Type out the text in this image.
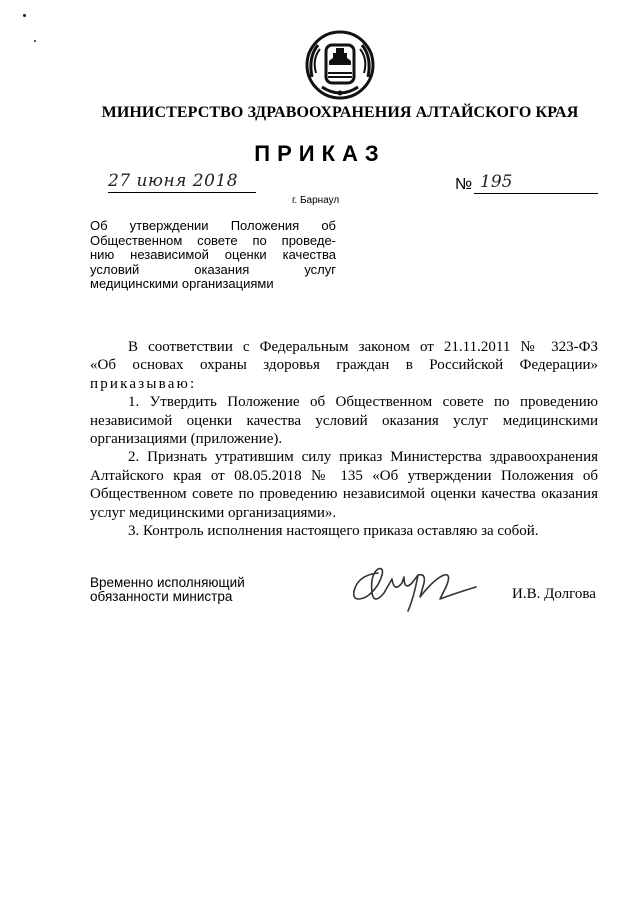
МИНИСТЕРСТВО ЗДРАВООХРАНЕНИЯ АЛТАЙСКОГО КРАЯ
ПРИКАЗ
27 июня 2018
г. Барнаул
№ 195
Об утверждении Положения об
Общественном совете по проведе-
нию независимой оценки качества
условий оказания услуг
медицинскими организациями
В соответствии с Федеральным законом от 21.11.2011 № 323-ФЗ
«Об основах охраны здоровья граждан в Российской Федерации»
приказываю:
1. Утвердить Положение об Общественном совете по проведению
независимой оценки качества условий оказания услуг медицинскими
организациями (приложение).
2. Признать утратившим силу приказ Министерства здравоохранения
Алтайского края от 08.05.2018 № 135 «Об утверждении Положения об
Общественном совете по проведению независимой оценки качества оказания
услуг медицинскими организациями».
3. Контроль исполнения настоящего приказа оставляю за собой.
Временно исполняющий
обязанности министра	И.В. Долгова
